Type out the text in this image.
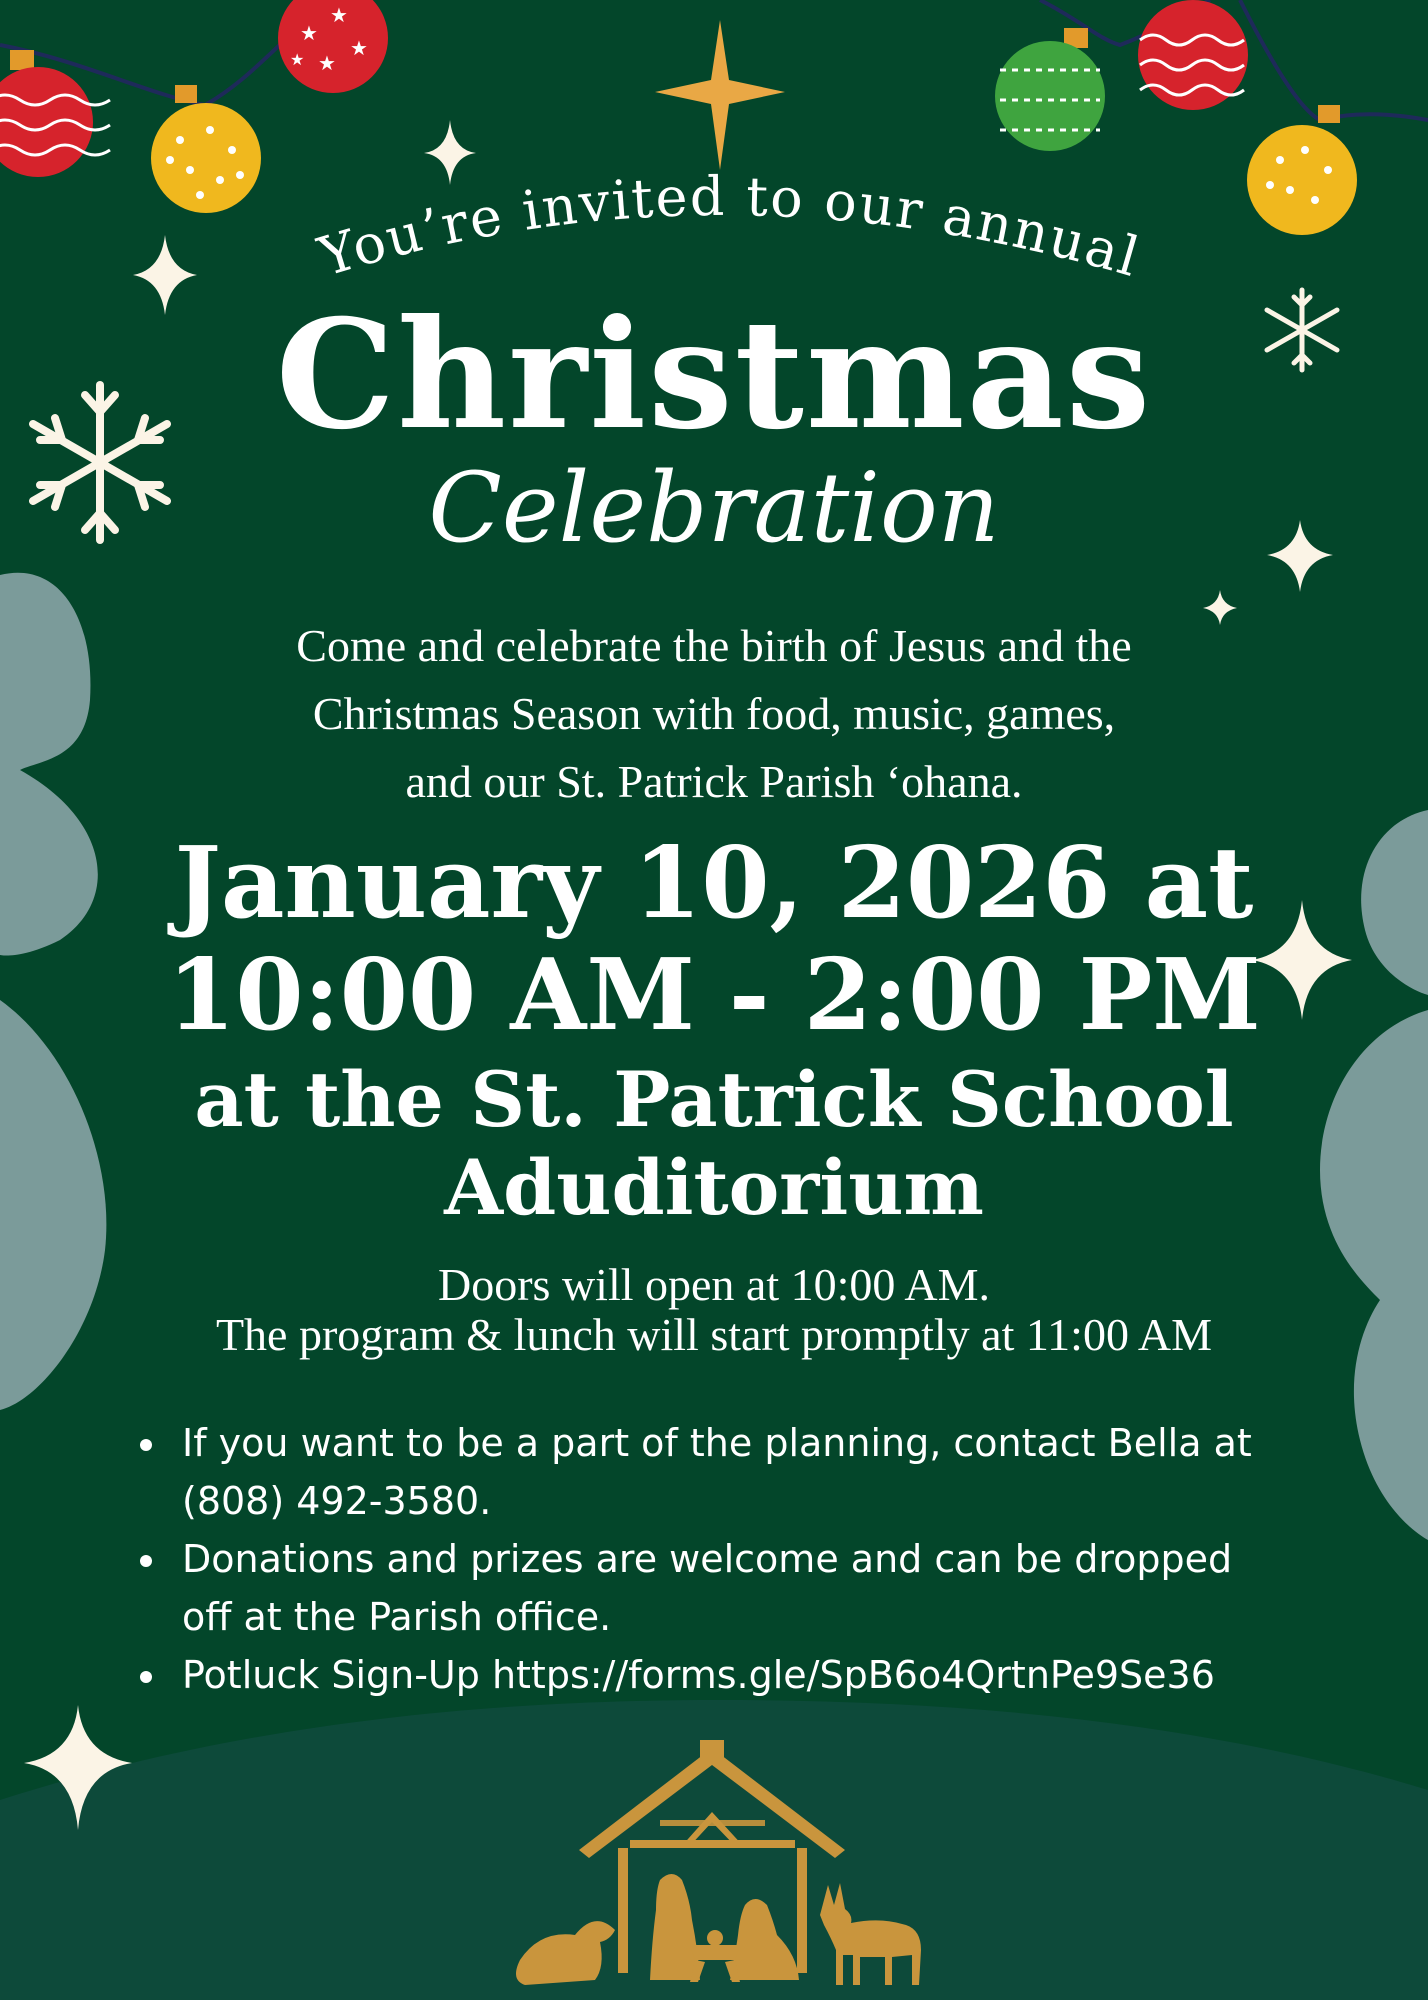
★
★
★
★
★
You’re invited to our annual
Christmas
Celebration
Come and celebrate the birth of Jesus and the
Christmas Season with food, music, games,
and our St. Patrick Parish ‘ohana.
January 10, 2026 at
10:00 AM - 2:00 PM
at the St. Patrick School
Aduditorium
Doors will open at 10:00 AM.
The program & lunch will start promptly at 11:00 AM
• If you want to be a part of the planning, contact Bella at
(808) 492-3580.
• Donations and prizes are welcome and can be dropped
off at the Parish office.
• Potluck Sign-Up https://forms.gle/SpB6o4QrtnPe9Se36
